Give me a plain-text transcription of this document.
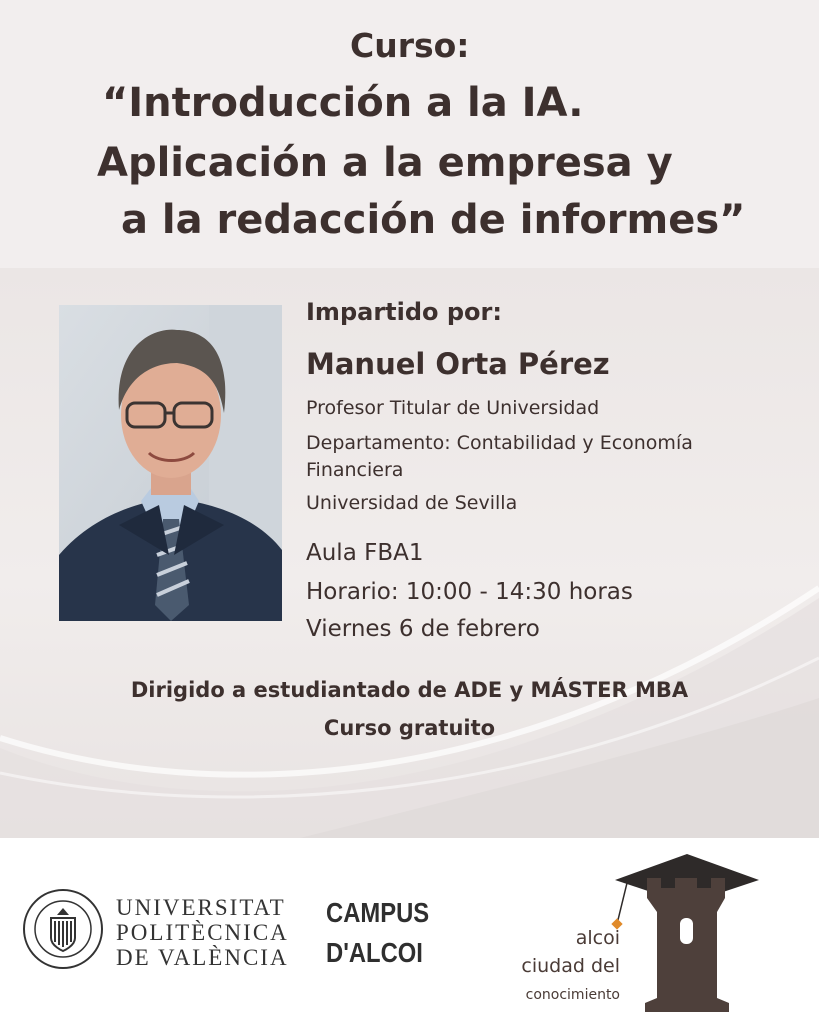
Curso:
“Introducción a la IA.
Aplicación a la empresa y
a la redacción de informes”
Impartido por:
Manuel Orta Pérez
Profesor Titular de Universidad
Departamento: Contabilidad y Economía
Financiera
Universidad de Sevilla
Aula FBA1
Horario: 10:00 - 14:30 horas
Viernes 6 de febrero
Dirigido a estudiantado de ADE y MÁSTER MBA
Curso gratuito
UNIVERSITAT
POLITÈCNICA
DE VALÈNCIA
CAMPUS
D'ALCOI	alcoi
ciudad del
conocimiento
